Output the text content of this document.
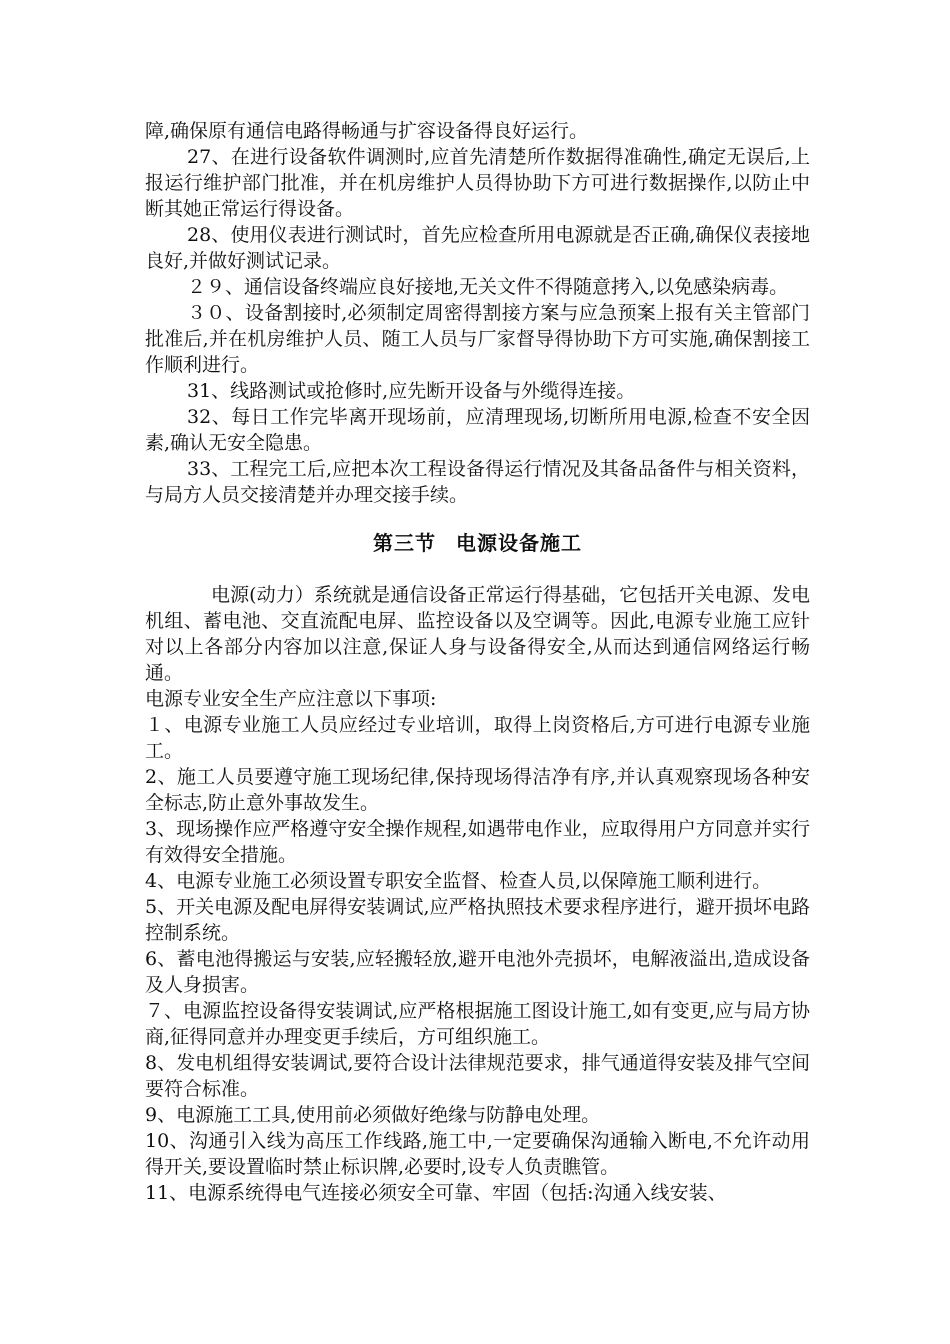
障,确保原有通信电路得畅通与扩容设备得良好运行。

27、在进行设备软件调测时,应首先清楚所作数据得准确性,确定无误后,上报运行维护部门批准，并在机房维护人员得协助下方可进行数据操作,以防止中断其她正常运行得设备。

28、使用仪表进行测试时，首先应检查所用电源就是否正确,确保仪表接地良好,并做好测试记录。

２９、通信设备终端应良好接地,无关文件不得随意拷入,以免感染病毒。

３０、设备割接时,必须制定周密得割接方案与应急预案上报有关主管部门批准后,并在机房维护人员、随工人员与厂家督导得协助下方可实施,确保割接工作顺利进行。

31、线路测试或抢修时,应先断开设备与外缆得连接。

32、每日工作完毕离开现场前，应清理现场,切断所用电源,检查不安全因素,确认无安全隐患。

33、工程完工后,应把本次工程设备得运行情况及其备品备件与相关资料，与局方人员交接清楚并办理交接手续。

第三节 电源设备施工

电源(动力）系统就是通信设备正常运行得基础，它包括开关电源、发电机组、蓄电池、交直流配电屏、监控设备以及空调等。因此,电源专业施工应针对以上各部分内容加以注意,保证人身与设备得安全,从而达到通信网络运行畅通。

电源专业安全生产应注意以下事项:

１、电源专业施工人员应经过专业培训，取得上岗资格后,方可进行电源专业施工。

2、施工人员要遵守施工现场纪律,保持现场得洁净有序,并认真观察现场各种安全标志,防止意外事故发生。

3、现场操作应严格遵守安全操作规程,如遇带电作业，应取得用户方同意并实行有效得安全措施。

4、电源专业施工必须设置专职安全监督、检查人员,以保障施工顺利进行。

5、开关电源及配电屏得安装调试,应严格执照技术要求程序进行，避开损坏电路控制系统。

6、蓄电池得搬运与安装,应轻搬轻放,避开电池外壳损坏，电解液溢出,造成设备及人身损害。

７、电源监控设备得安装调试,应严格根据施工图设计施工,如有变更,应与局方协商,征得同意并办理变更手续后，方可组织施工。

8、发电机组得安装调试,要符合设计法律规范要求，排气通道得安装及排气空间要符合标准。

9、电源施工工具,使用前必须做好绝缘与防静电处理。

10、沟通引入线为高压工作线路,施工中,一定要确保沟通输入断电,不允许动用得开关,要设置临时禁止标识牌,必要时,设专人负责瞧管。

11、电源系统得电气连接必须安全可靠、牢固（包括:沟通入线安装、
